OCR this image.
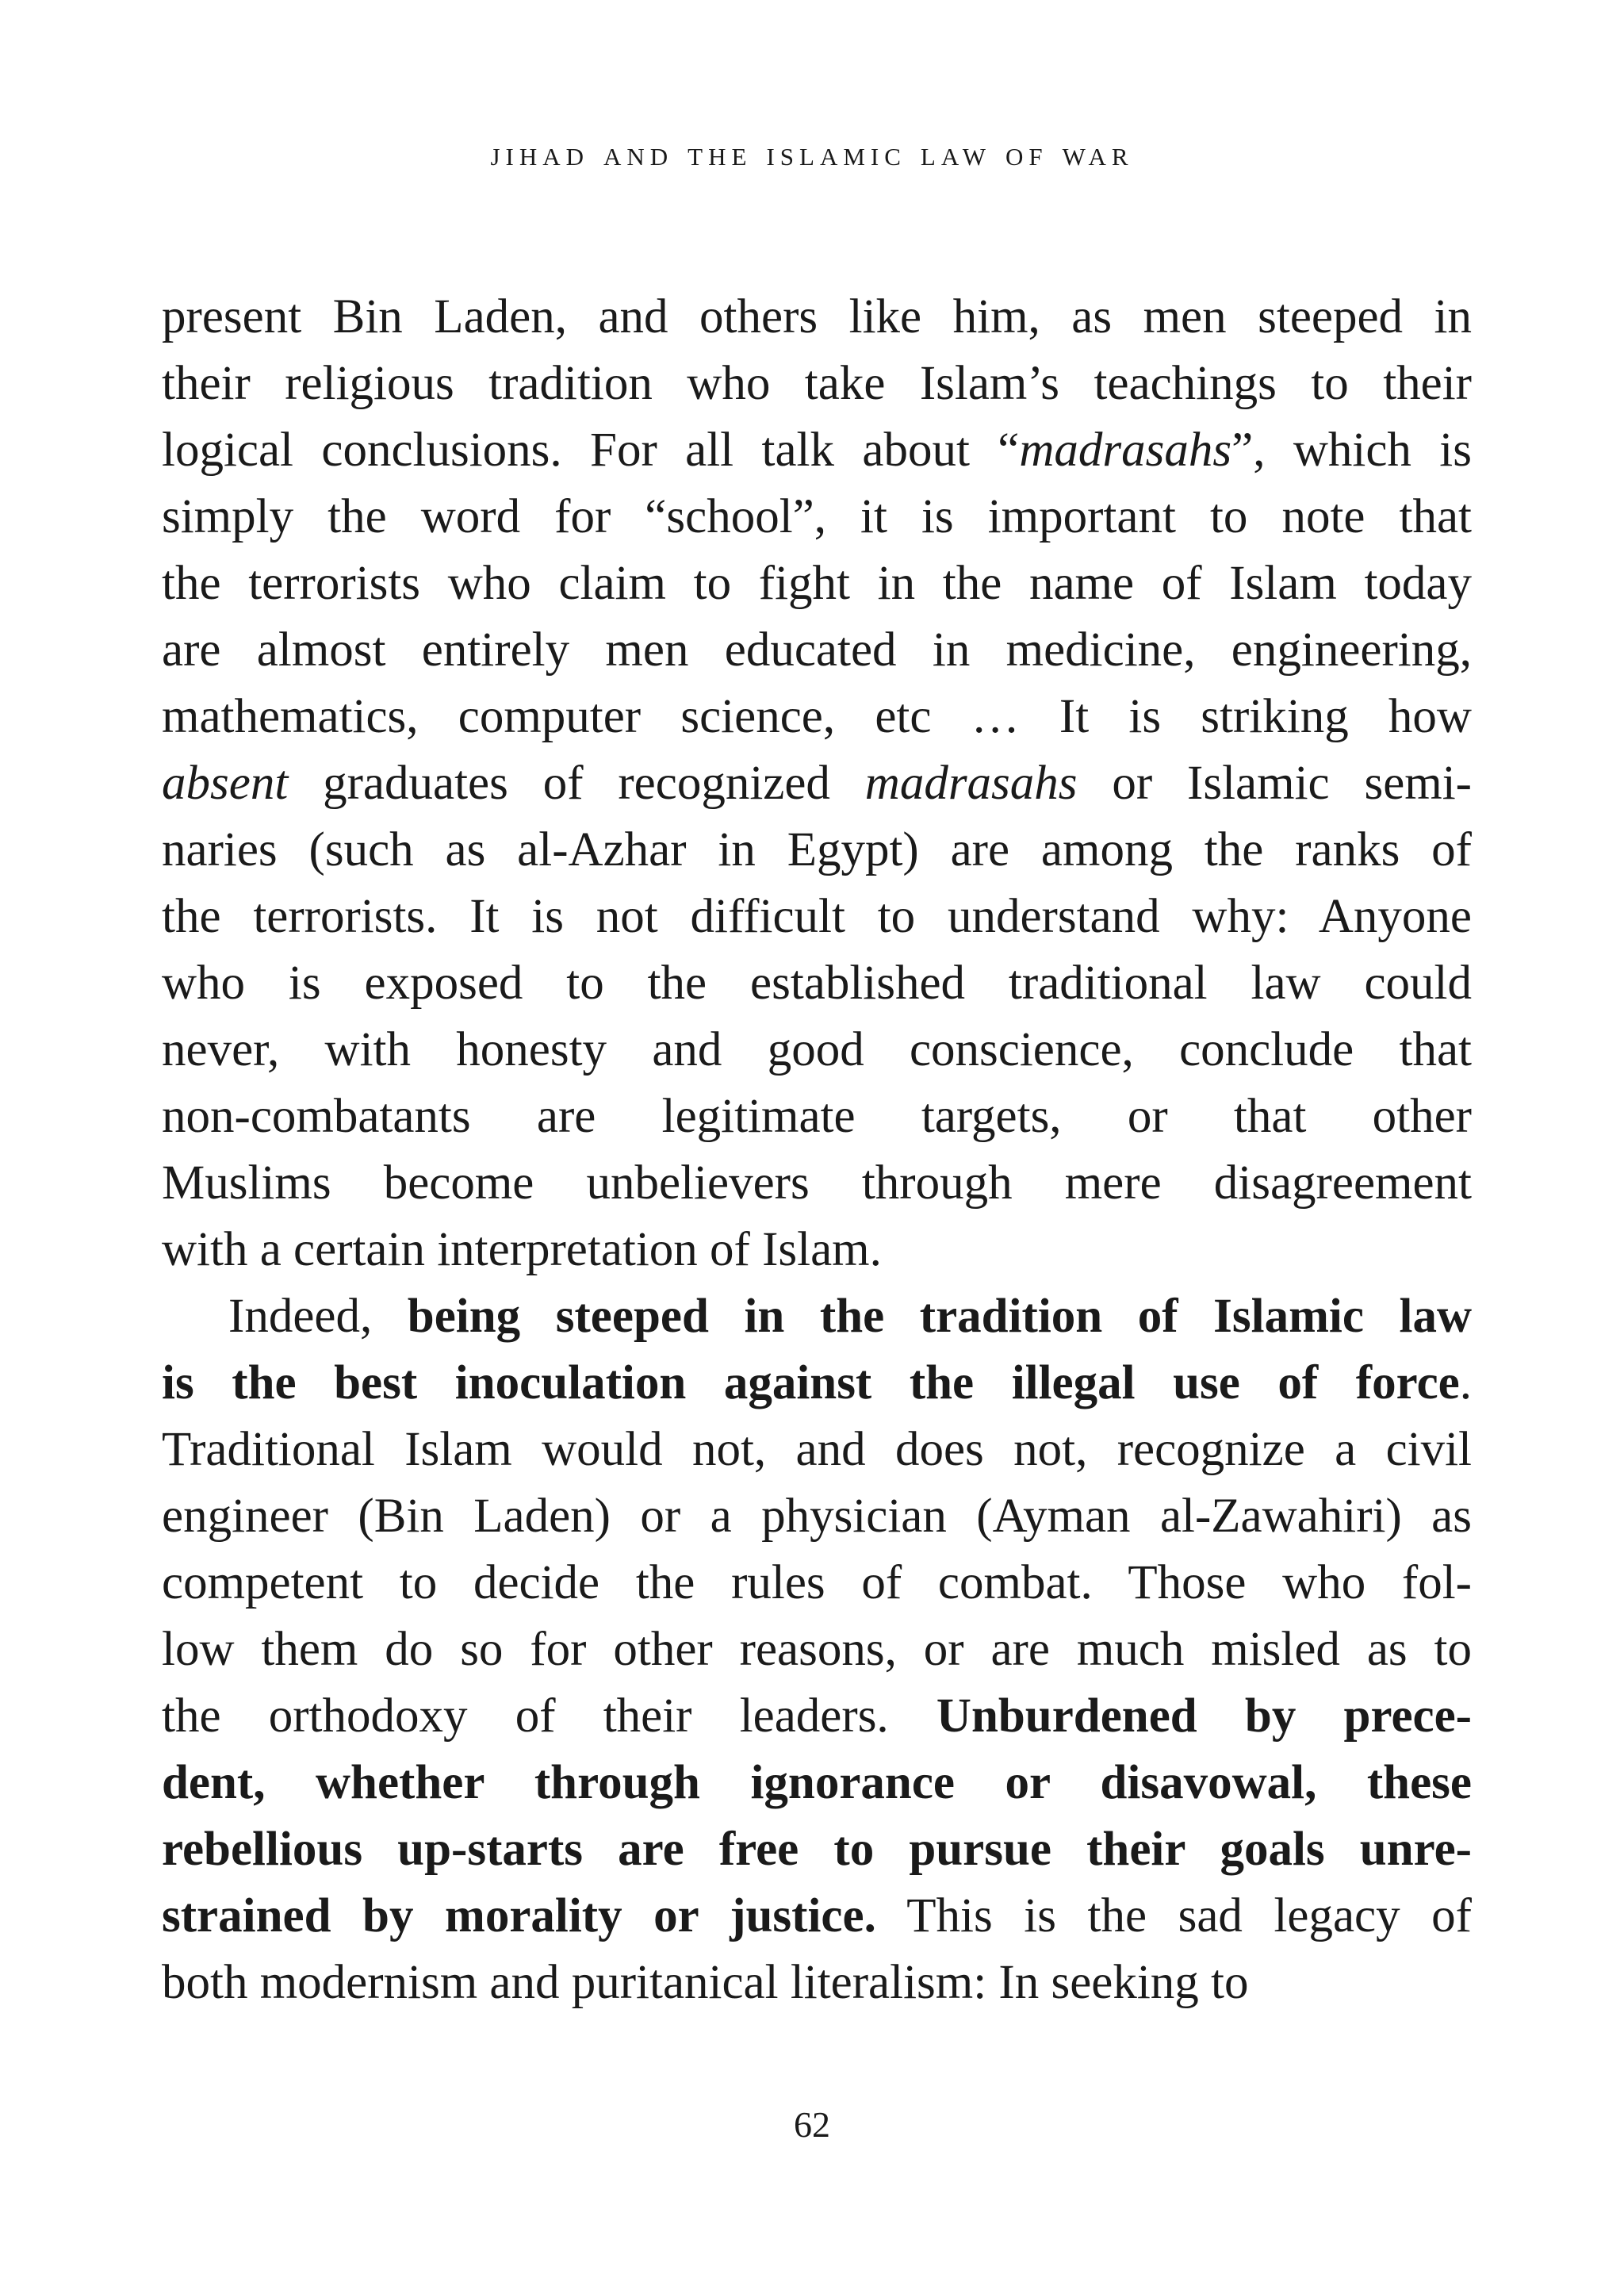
jihad and the islamic law of war
present Bin Laden, and others like him, as men steeped in
their religious tradition who take Islam’s teachings to their
logical conclusions. For all talk about “madrasahs”, which is
simply the word for “school”, it is important to note that
the terrorists who claim to fight in the name of Islam today
are almost entirely men educated in medicine, engineering,
mathematics, computer science, etc … It is striking how
absent graduates of recognized madrasahs or Islamic semi-
naries (such as al-Azhar in Egypt) are among the ranks of
the terrorists. It is not difficult to understand why: Anyone
who is exposed to the established traditional law could
never, with honesty and good conscience, conclude that
non-combatants are legitimate targets, or that other
Muslims become unbelievers through mere disagreement
with a certain interpretation of Islam.
Indeed, being steeped in the tradition of Islamic law
is the best inoculation against the illegal use of force.
Traditional Islam would not, and does not, recognize a civil
engineer (Bin Laden) or a physician (Ayman al-Zawahiri) as
competent to decide the rules of combat. Those who fol-
low them do so for other reasons, or are much misled as to
the orthodoxy of their leaders. Unburdened by prece-
dent, whether through ignorance or disavowal, these
rebellious up-starts are free to pursue their goals unre-
strained by morality or justice. This is the sad legacy of
both modernism and puritanical literalism: In seeking to
62
